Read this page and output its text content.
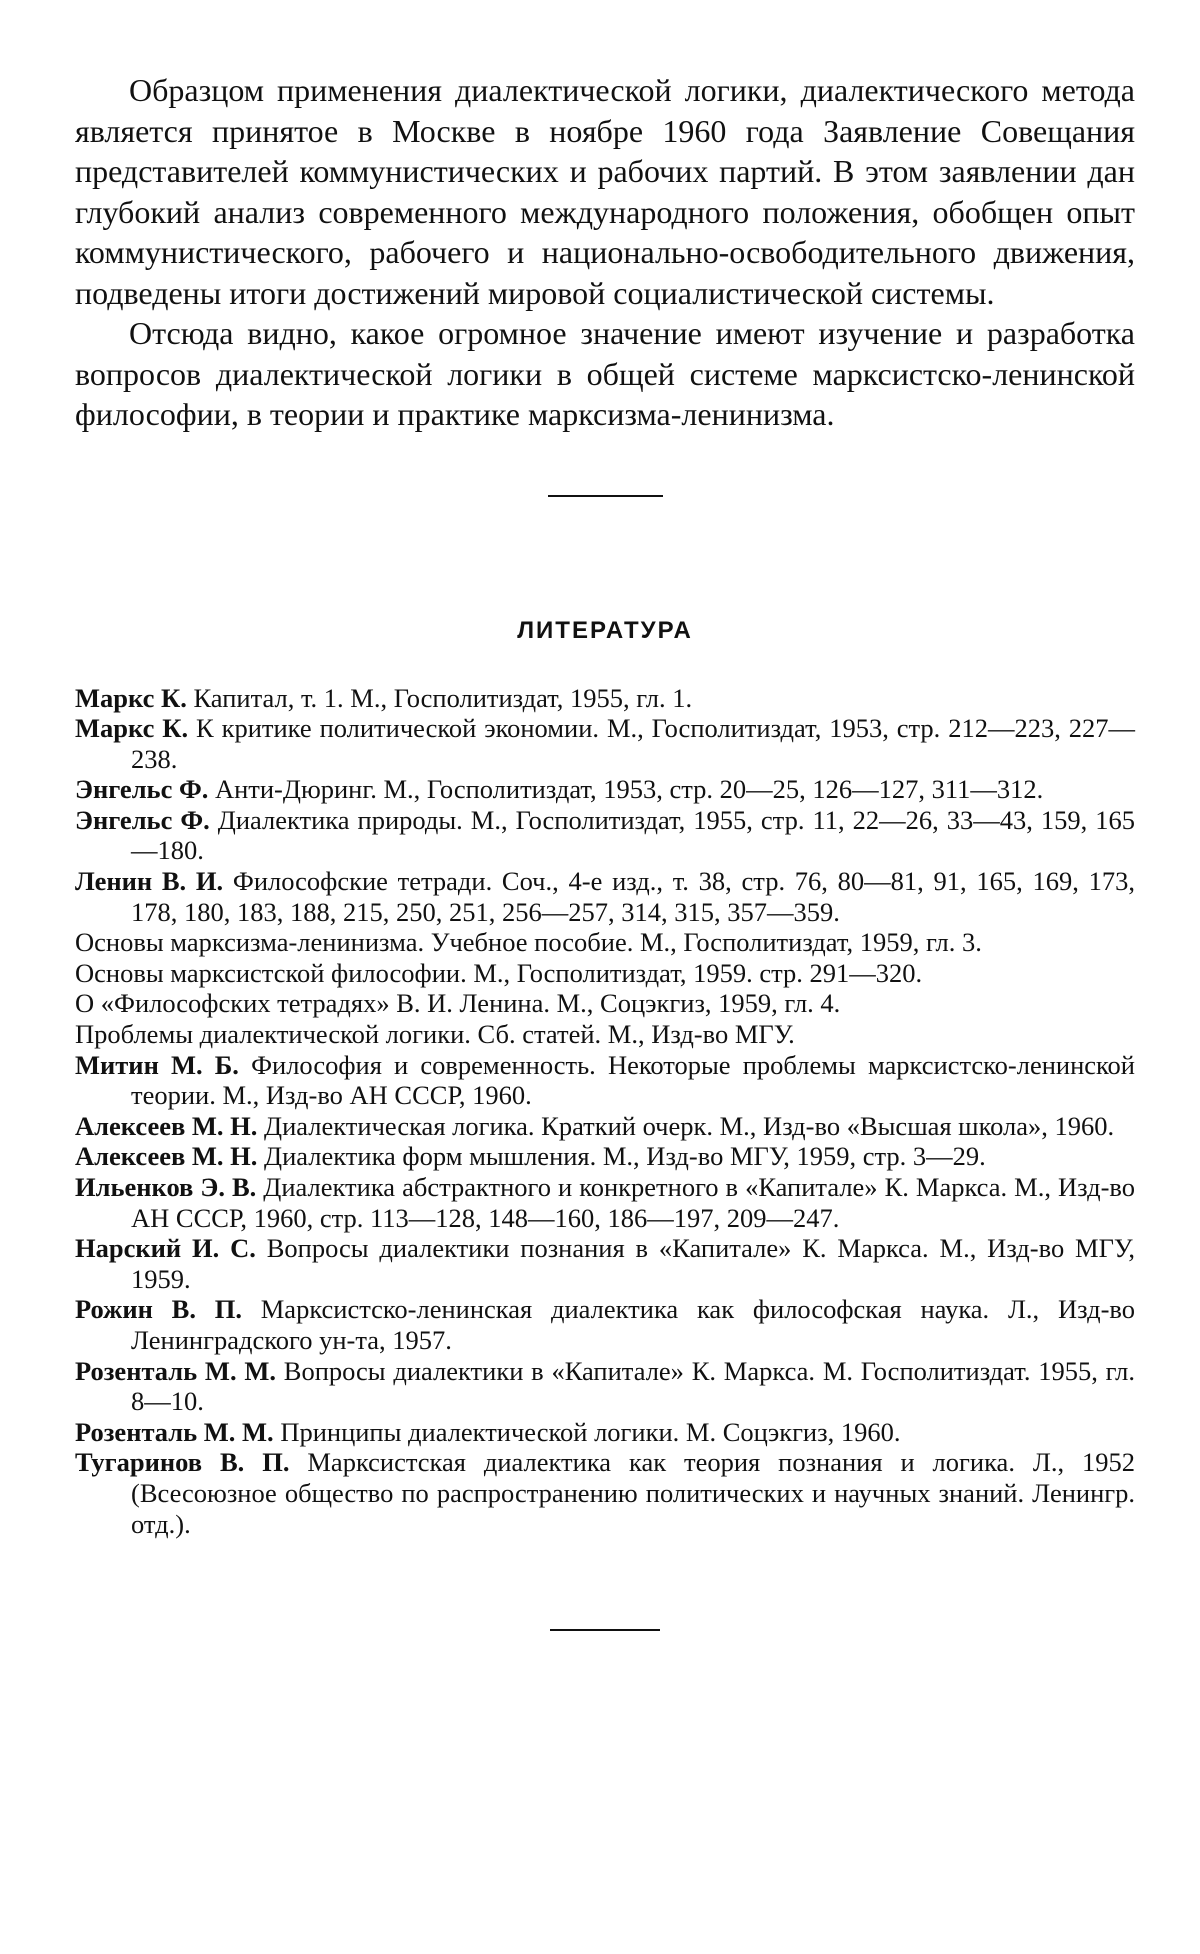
Образцом применения диалектической логики, диалектического метода является принятое в Москве в ноябре 1960 года Заявление Совещания представителей коммунистических и рабочих партий. В этом заявлении дан глубокий анализ современного международного положения, обобщен опыт коммунистического, рабочего и национально-освободительного движения, подведены итоги достижений мировой социалистической системы.

Отсюда видно, какое огромное значение имеют изучение и разработка вопросов диалектической логики в общей системе марксистско-ленинской философии, в теории и практике марксизма-ленинизма.

ЛИТЕРАТУРА
Маркс К. Капитал, т. 1. М., Госполитиздат, 1955, гл. 1.
Маркс К. К критике политической экономии. М., Госполитиздат, 1953, стр. 212—223, 227—238.
Энгельс Ф. Анти-Дюринг. М., Госполитиздат, 1953, стр. 20—25, 126—127, 311—312.
Энгельс Ф. Диалектика природы. М., Госполитиздат, 1955, стр. 11, 22—26, 33—43, 159, 165—180.
Ленин В. И. Философские тетради. Соч., 4-е изд., т. 38, стр. 76, 80—81, 91, 165, 169, 173, 178, 180, 183, 188, 215, 250, 251, 256—257, 314, 315, 357—359.
Основы марксизма-ленинизма. Учебное пособие. М., Госполитиздат, 1959, гл. 3.
Основы марксистской философии. М., Госполитиздат, 1959. стр. 291—320.
О «Философских тетрадях» В. И. Ленина. М., Соцэкгиз, 1959, гл. 4.
Проблемы диалектической логики. Сб. статей. М., Изд-во МГУ.
Митин М. Б. Философия и современность. Некоторые проблемы марксистско-ленинской теории. М., Изд-во АН СССР, 1960.
Алексеев М. Н. Диалектическая логика. Краткий очерк. М., Изд-во «Высшая школа», 1960.
Алексеев М. Н. Диалектика форм мышления. М., Изд-во МГУ, 1959, стр. 3—29.
Ильенков Э. В. Диалектика абстрактного и конкретного в «Капитале» К. Маркса. М., Изд-во АН СССР, 1960, стр. 113—128, 148—160, 186—197, 209—247.
Нарский И. С. Вопросы диалектики познания в «Капитале» К. Маркса. М., Изд-во МГУ, 1959.
Рожин В. П. Марксистско-ленинская диалектика как философская наука. Л., Изд-во Ленинградского ун-та, 1957.
Розенталь М. М. Вопросы диалектики в «Капитале» К. Маркса. М. Госполитиздат. 1955, гл. 8—10.
Розенталь М. М. Принципы диалектической логики. М. Соцэкгиз, 1960.
Тугаринов В. П. Марксистская диалектика как теория познания и логика. Л., 1952 (Всесоюзное общество по распространению политических и научных знаний. Ленингр. отд.).
